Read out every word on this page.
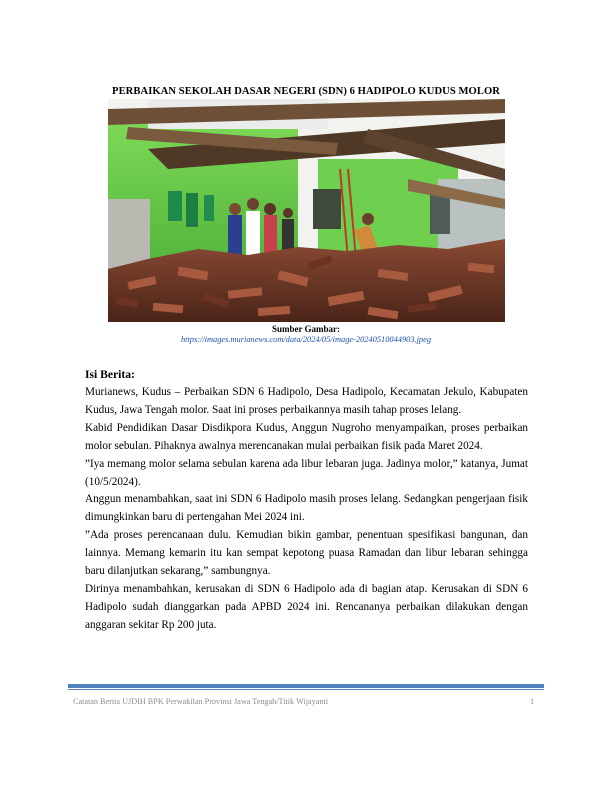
PERBAIKAN SEKOLAH DASAR NEGERI (SDN) 6 HADIPOLO KUDUS MOLOR
Sumber Gambar:
https://images.murianews.com/data/2024/05/image-20240510044903.jpeg
Isi Berita:

Murianews, Kudus – Perbaikan SDN 6 Hadipolo, Desa Hadipolo, Kecamatan Jekulo, Kabupaten Kudus, Jawa Tengah molor. Saat ini proses perbaikannya masih tahap proses lelang.

Kabid Pendidikan Dasar Disdikpora Kudus, Anggun Nugroho menyampaikan, proses perbaikan molor sebulan. Pihaknya awalnya merencanakan mulai perbaikan fisik pada Maret 2024.

”Iya memang molor selama sebulan karena ada libur lebaran juga. Jadinya molor,” katanya, Jumat (10/5/2024).

Anggun menambahkan, saat ini SDN 6 Hadipolo masih proses lelang. Sedangkan pengerjaan fisik dimungkinkan baru di pertengahan Mei 2024 ini.

”Ada proses perencanaan dulu. Kemudian bikin gambar, penentuan spesifikasi bangunan, dan lainnya. Memang kemarin itu kan sempat kepotong puasa Ramadan dan libur lebaran sehingga baru dilanjutkan sekarang,” sambungnya.

Dirinya menambahkan, kerusakan di SDN 6 Hadipolo ada di bagian atap. Kerusakan di SDN 6 Hadipolo sudah dianggarkan pada APBD 2024 ini. Rencananya perbaikan dilakukan dengan anggaran sekitar Rp 200 juta.

Catatan Berita UJDIH BPK Perwakilan Provinsi Jawa Tengah/Titik Wijayanti	1
